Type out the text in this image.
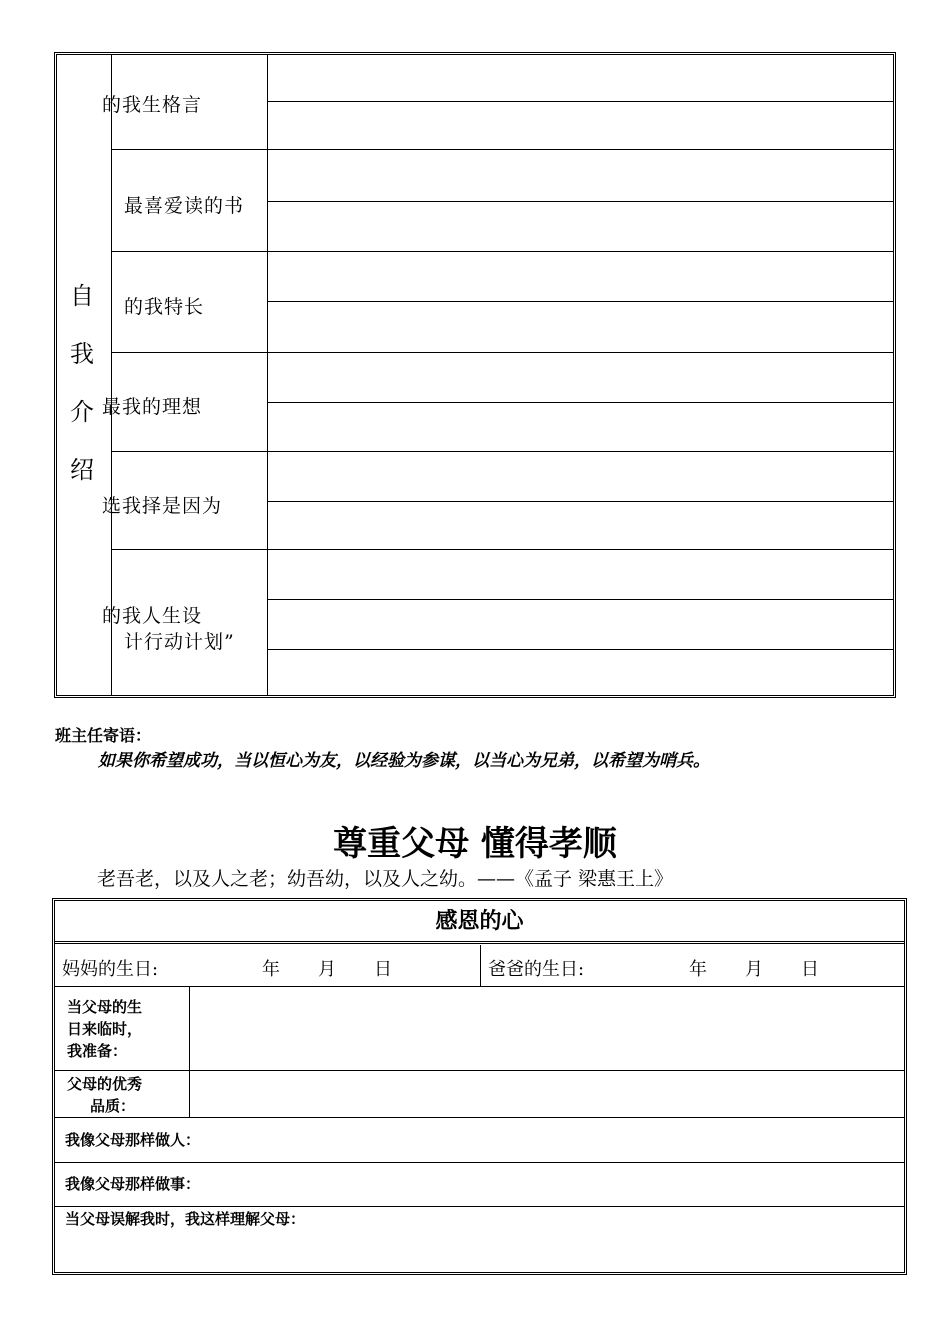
自
我
介
绍
的我生格言
最喜爱读的书
的我特长
最我的理想
选我择是因为
的我人生设
计行动计划”
班主任寄语：
如果你希望成功，当以恒心为友，以经验为参谋，以当心为兄弟，以希望为哨兵。
尊重父母 懂得孝顺
老吾老，以及人之老；幼吾幼，以及人之幼。——《孟子 梁惠王上》
感恩的心
妈妈的生日:	年 月 日	爸爸的生日:	年 月 日
当父母的生
日来临时，
我准备：
父母的优秀
品质：
我像父母那样做人：
我像父母那样做事：
当父母误解我时，我这样理解父母：
